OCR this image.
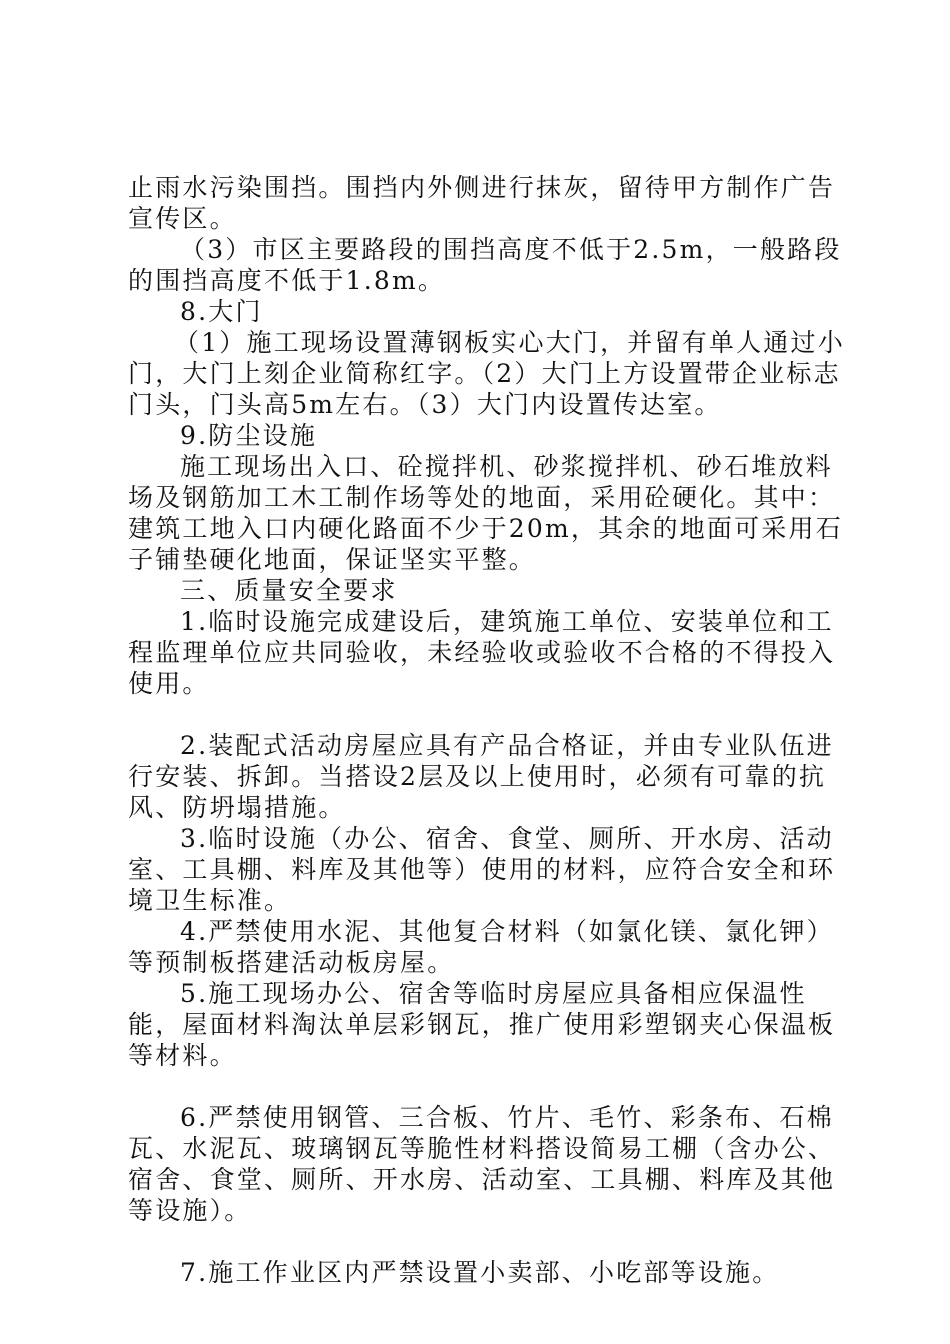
止雨水污染围挡。围挡内外侧进行抹灰，留待甲方制作广告宣传区。

（3）市区主要路段的围挡高度不低于2.5m，一般路段的围挡高度不低于1.8m。

8.大门

（1）施工现场设置薄钢板实心大门，并留有单人通过小门，大门上刻企业简称红字。（2）大门上方设置带企业标志门头，门头高5m左右。（3）大门内设置传达室。

9.防尘设施

施工现场出入口、砼搅拌机、砂浆搅拌机、砂石堆放料场及钢筋加工木工制作场等处的地面，采用砼硬化。其中：建筑工地入口内硬化路面不少于20m，其余的地面可采用石子铺垫硬化地面，保证坚实平整。

三、质量安全要求

1.临时设施完成建设后，建筑施工单位、安装单位和工程监理单位应共同验收，未经验收或验收不合格的不得投入使用。

2.装配式活动房屋应具有产品合格证，并由专业队伍进行安装、拆卸。当搭设2层及以上使用时，必须有可靠的抗风、防坍塌措施。

3.临时设施（办公、宿舍、食堂、厕所、开水房、活动室、工具棚、料库及其他等）使用的材料，应符合安全和环境卫生标准。

4.严禁使用水泥、其他复合材料（如氯化镁、氯化钾）等预制板搭建活动板房屋。

5.施工现场办公、宿舍等临时房屋应具备相应保温性能，屋面材料淘汰单层彩钢瓦，推广使用彩塑钢夹心保温板等材料。

6.严禁使用钢管、三合板、竹片、毛竹、彩条布、石棉瓦、水泥瓦、玻璃钢瓦等脆性材料搭设简易工棚（含办公、宿舍、食堂、厕所、开水房、活动室、工具棚、料库及其他等设施）。

7.施工作业区内严禁设置小卖部、小吃部等设施。
